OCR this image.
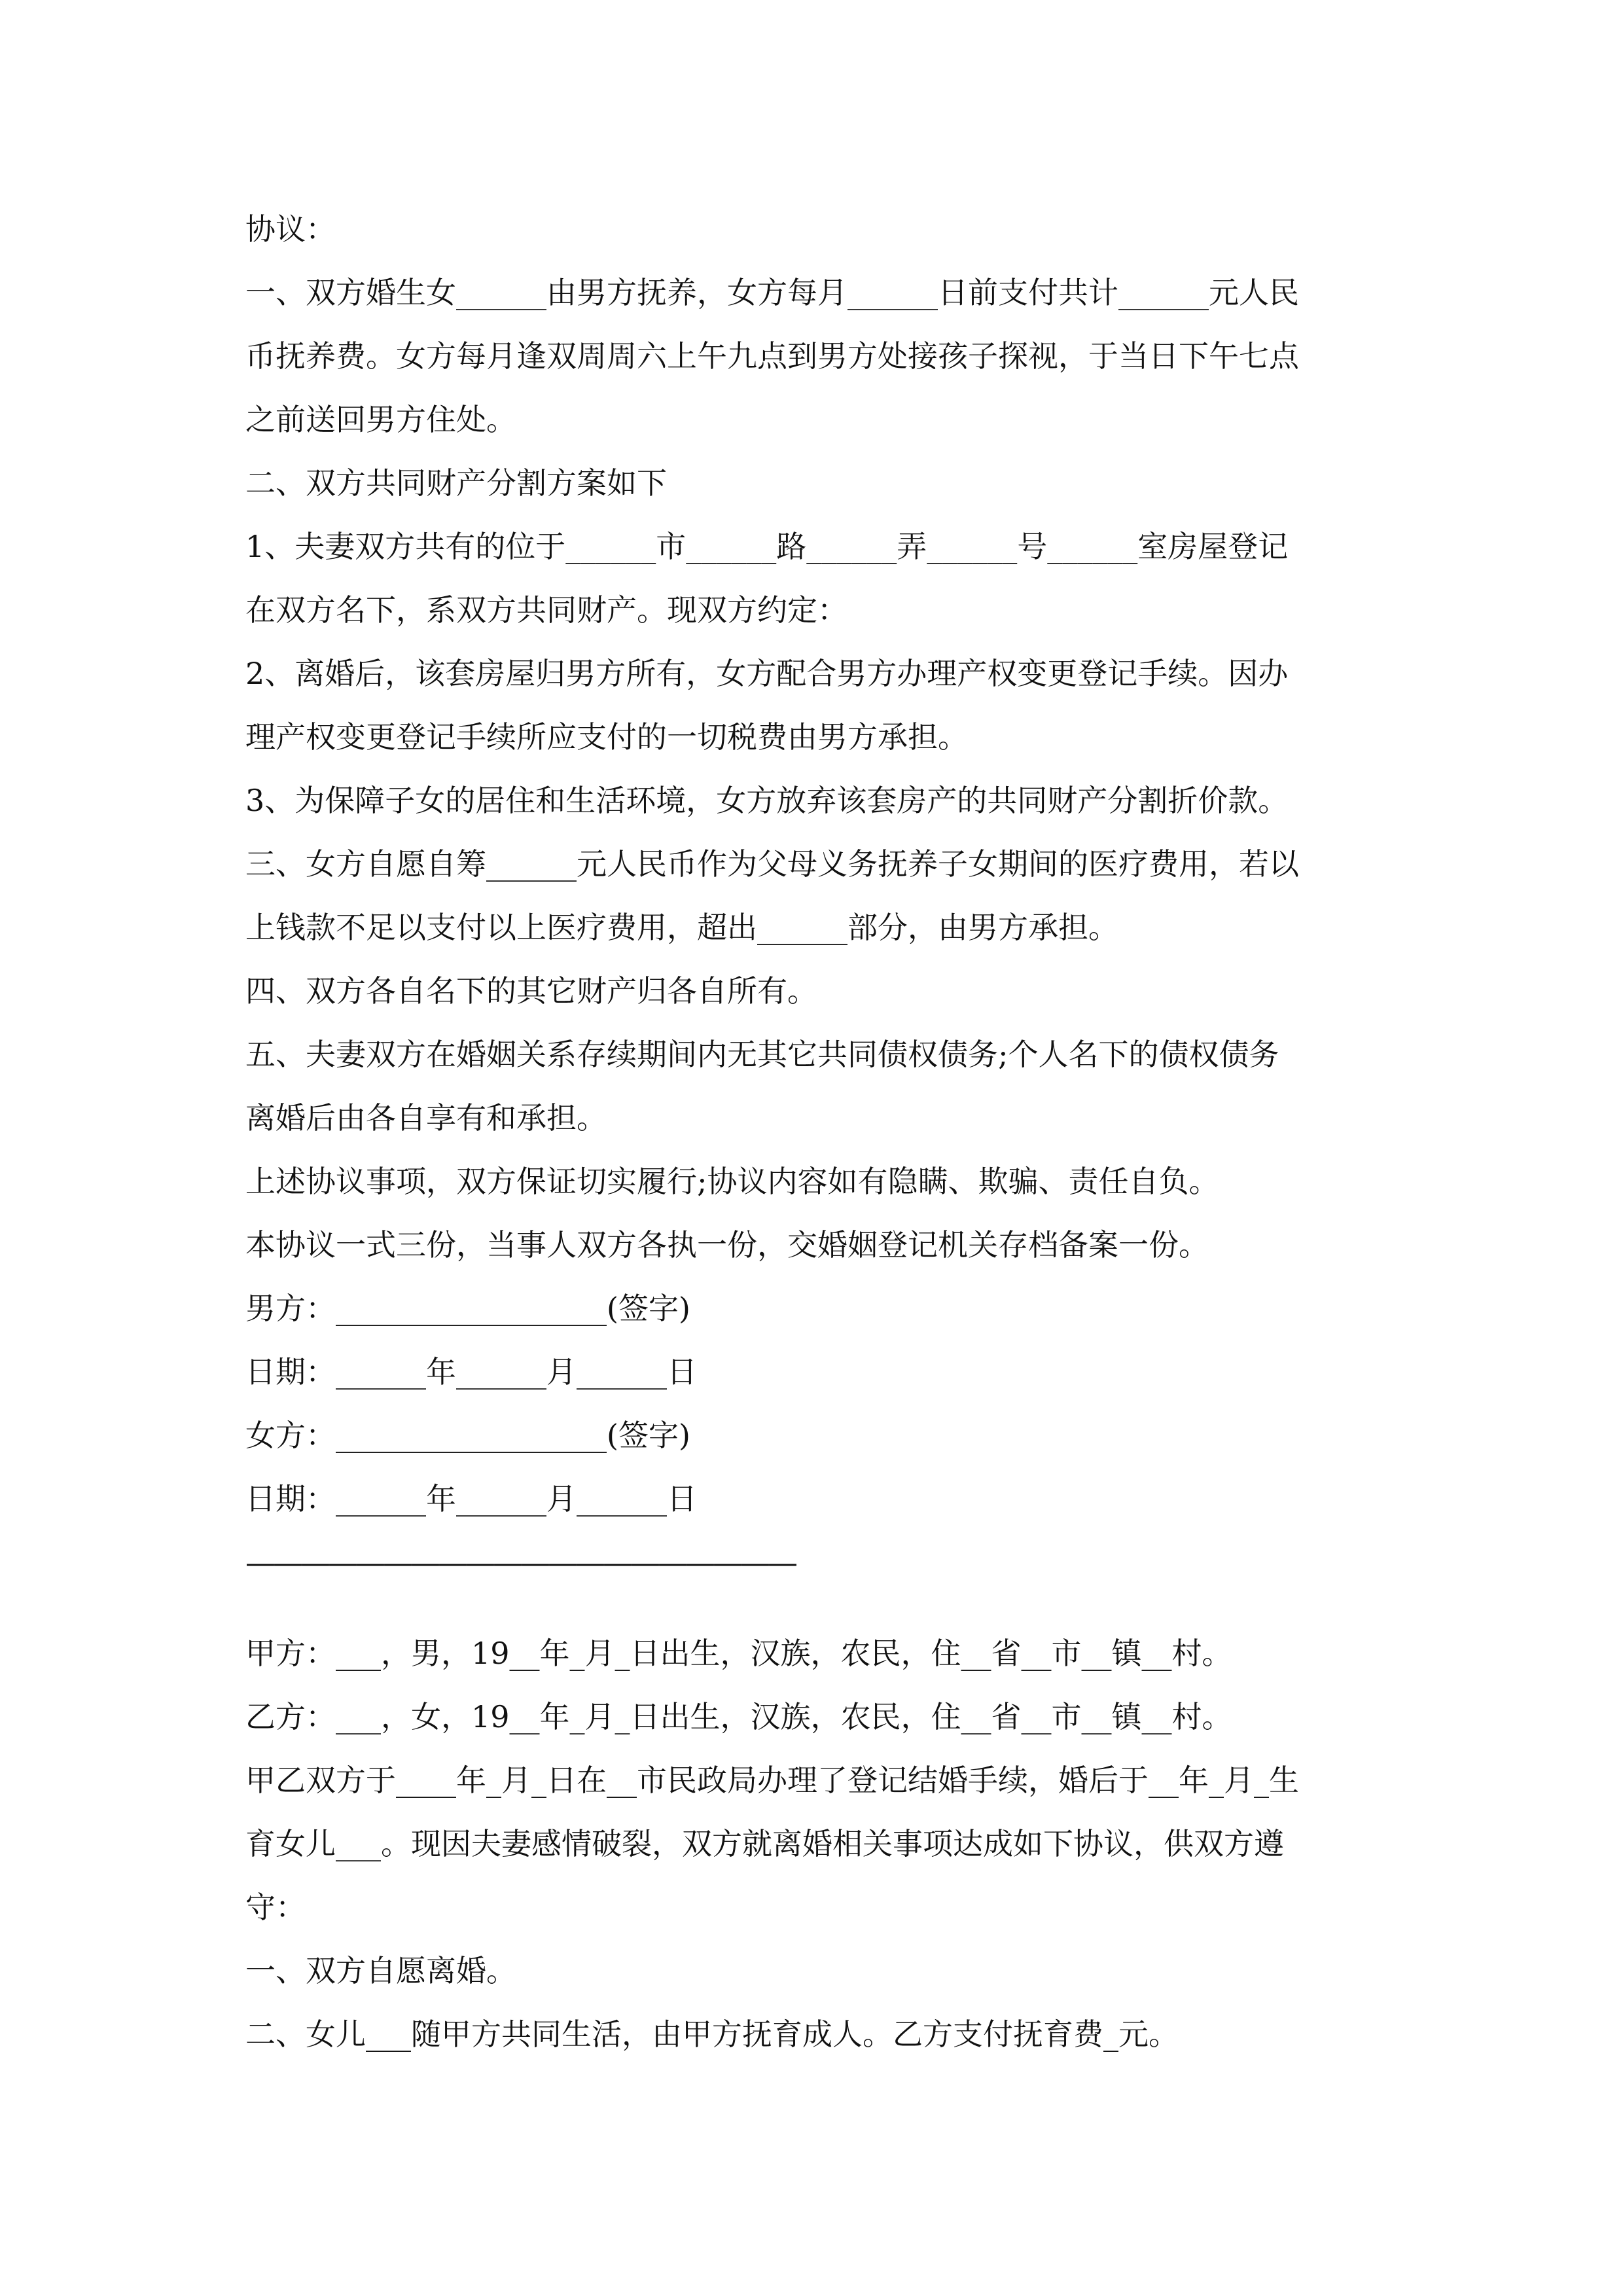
协议：
一、双方婚生女______由男方抚养，女方每月______日前支付共计______元人民
币抚养费。女方每月逢双周周六上午九点到男方处接孩子探视，于当日下午七点
之前送回男方住处。
二、双方共同财产分割方案如下
1、夫妻双方共有的位于______市______路______弄______号______室房屋登记
在双方名下，系双方共同财产。现双方约定：
2、离婚后，该套房屋归男方所有，女方配合男方办理产权变更登记手续。因办
理产权变更登记手续所应支付的一切税费由男方承担。
3、为保障子女的居住和生活环境，女方放弃该套房产的共同财产分割折价款。
三、女方自愿自筹______元人民币作为父母义务抚养子女期间的医疗费用，若以
上钱款不足以支付以上医疗费用，超出______部分，由男方承担。
四、双方各自名下的其它财产归各自所有。
五、夫妻双方在婚姻关系存续期间内无其它共同债权债务;个人名下的债权债务
离婚后由各自享有和承担。
上述协议事项，双方保证切实履行;协议内容如有隐瞒、欺骗、责任自负。
本协议一式三份，当事人双方各执一份，交婚姻登记机关存档备案一份。
男方：__________________(签字)
日期：______年______月______日
女方：__________________(签字)
日期：______年______月______日
————————————————————
甲方：___，男，19__年_月_日出生，汉族，农民，住__省__市__镇__村。
乙方：___，女，19__年_月_日出生，汉族，农民，住__省__市__镇__村。
甲乙双方于____年_月_日在__市民政局办理了登记结婚手续，婚后于__年_月_生
育女儿___。现因夫妻感情破裂，双方就离婚相关事项达成如下协议，供双方遵
守：
一、双方自愿离婚。
二、女儿___随甲方共同生活，由甲方抚育成人。乙方支付抚育费_元。
